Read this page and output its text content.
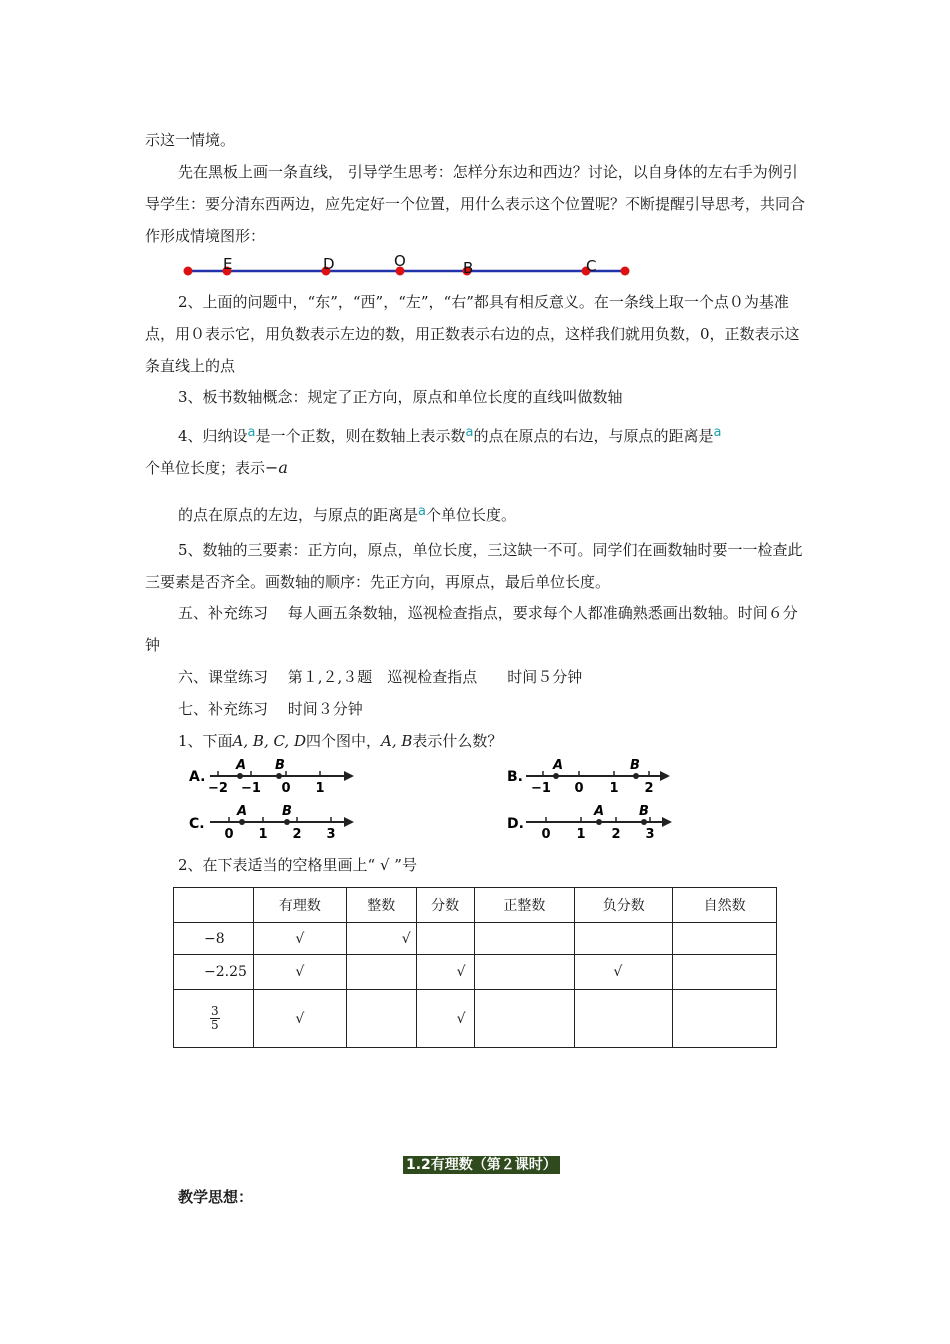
示这一情境。

先在黑板上画一条直线， 引导学生思考：怎样分东边和西边？讨论，以自身体的左右手为例引导学生：要分清东西两边，应先定好一个位置，用什么表示这个位置呢？不断提醒引导思考，共同合作形成情境图形：

E	D	O	B	C

2、上面的问题中，“东”，“西”，“左”，“右”都具有相反意义。在一条线上取一个点０为基准点，用０表示它，用负数表示左边的数，用正数表示右边的点，这样我们就用负数，0，正数表示这条直线上的点

3、板书数轴概念：规定了正方向，原点和单位长度的直线叫做数轴

4、归纳设a是一个正数，则在数轴上表示数a的点在原点的右边，与原点的距离是a
个单位长度；表示−a
的点在原点的左边，与原点的距离是a个单位长度。

5、数轴的三要素：正方向，原点，单位长度，三这缺一不可。同学们在画数轴时要一一检查此三要素是否齐全。画数轴的顺序：先正方向，再原点，最后单位长度。

五、补充练习　 每人画五条数轴，巡视检查指点，要求每个人都准确熟悉画出数轴。时间６分钟

六、课堂练习　 第１,２,３题　巡视检查指点　　时间５分钟
七、补充练习　 时间３分钟
1、下面A, B, C, D四个图中，A, B表示什么数？
A.
A B
−2 −1 0 1
B.
A	B
−1 0 1 2
C.
A	B
0 1 2 3
D.
A	B
0 1 2 3
2、在下表适当的空格里画上“ √ ”号
	有理数	整数	分数	正整数	负分数	自然数
−8	√	√				
−2.25	√		√		√	

$\frac{3}{5}$	√		√			
1.2有理数（第２课时）
教学思想：
